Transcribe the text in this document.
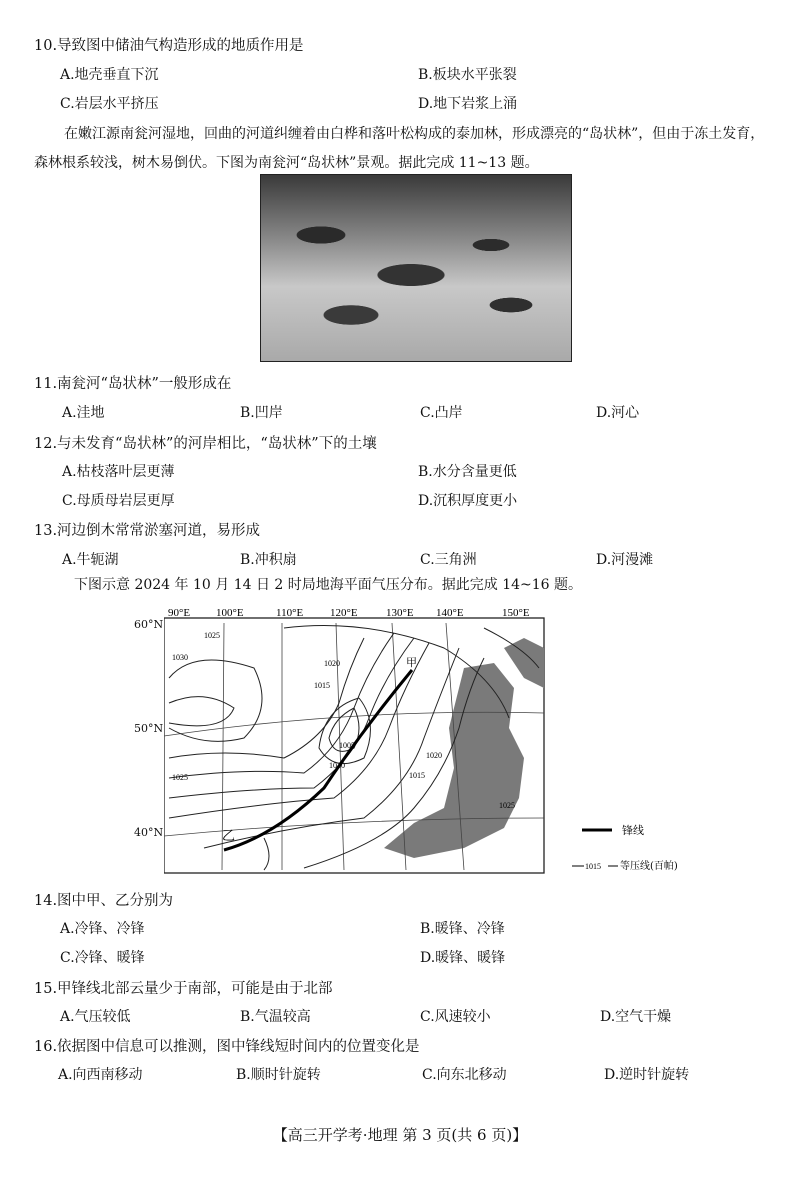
10.导致图中储油气构造形成的地质作用是
A.地壳垂直下沉	B.板块水平张裂
C.岩层水平挤压	D.地下岩浆上涌
在嫩江源南瓮河湿地，回曲的河道纠缠着由白桦和落叶松构成的泰加林，形成漂亮的“岛状林”，但由于冻土发育，森林根系较浅，树木易倒伏。下图为南瓮河“岛状林”景观。据此完成 11~13 题。
11.南瓮河“岛状林”一般形成在
A.洼地	B.凹岸	C.凸岸	D.河心
12.与未发育“岛状林”的河岸相比，“岛状林”下的土壤
A.枯枝落叶层更薄	B.水分含量更低
C.母质母岩层更厚	D.沉积厚度更小
13.河边倒木常常淤塞河道，易形成
A.牛轭湖	B.冲积扇	C.三角洲	D.河漫滩
下图示意 2024 年 10 月 14 日 2 时局地海平面气压分布。据此完成 14~16 题。
90°E 100°E	110°E 120°E	130°E 140°E	150°E
1025
1030
1015
1020
1025
1005
1010
1015
1020
1025
甲
乙	锋线
1015 等压线(百帕)
60°N
50°N
40°N
14.图中甲、乙分别为
A.冷锋、冷锋	B.暖锋、冷锋
C.冷锋、暖锋	D.暖锋、暖锋
15.甲锋线北部云量少于南部，可能是由于北部
A.气压较低	B.气温较高	C.风速较小	D.空气干燥
16.依据图中信息可以推测，图中锋线短时间内的位置变化是
A.向西南移动	B.顺时针旋转	C.向东北移动	D.逆时针旋转
【高三开学考·地理 第 3 页(共 6 页)】
